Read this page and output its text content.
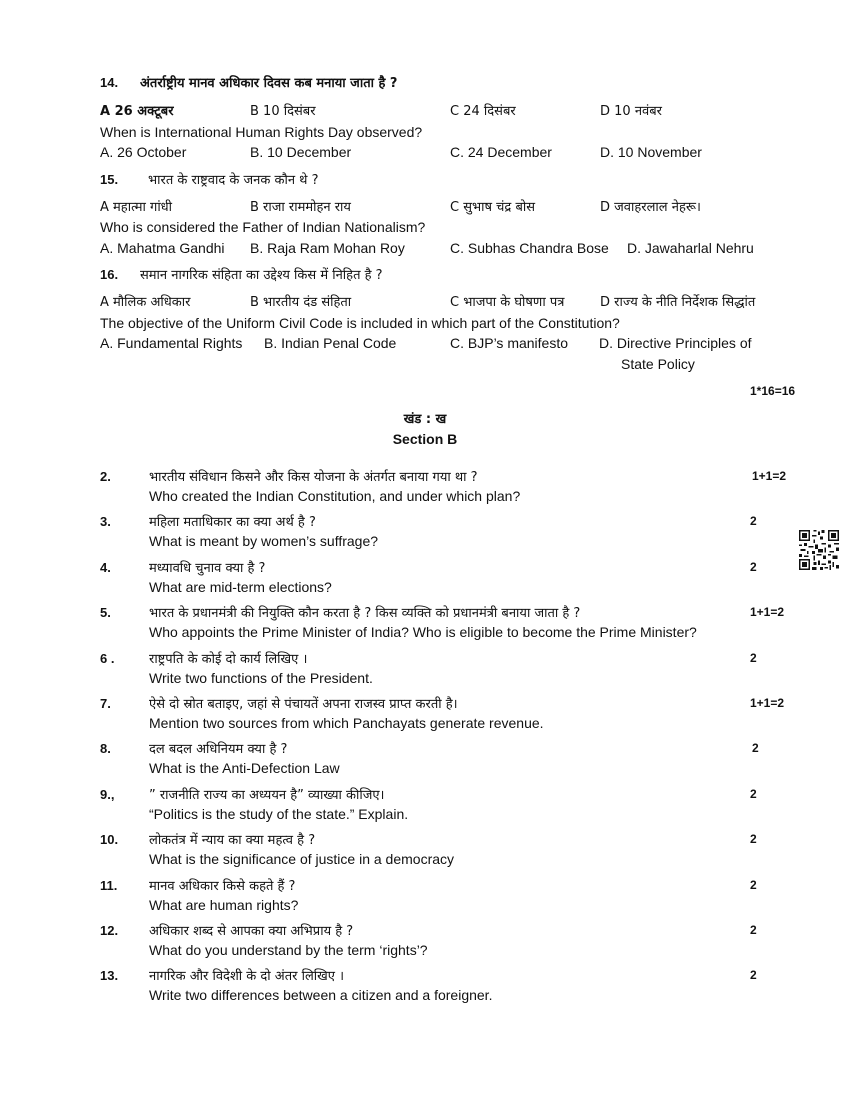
14. अंतर्राष्ट्रीय मानव अधिकार दिवस कब मनाया जाता है ?
A 26 अक्टूबर	B 10 दिसंबर	C 24 दिसंबर	D 10 नवंबर
When is International Human Rights Day observed?
A. 26 October	B. 10 December	C. 24 December	D. 10 November
15. भारत के राष्ट्रवाद के जनक कौन थे ?
A महात्मा गांधी	B राजा राममोहन राय	C सुभाष चंद्र बोस	D जवाहरलाल नेहरू।
Who is considered the Father of Indian Nationalism?
A. Mahatma Gandhi B. Raja Ram Mohan Roy	C. Subhas Chandra Bose D. Jawaharlal Nehru
16. समान नागरिक संहिता का उद्देश्य किस में निहित है ?
A मौलिक अधिकार	B भारतीय दंड संहिता	C भाजपा के घोषणा पत्र	D राज्य के नीति निर्देशक सिद्धांत
The objective of the Uniform Civil Code is included in which part of the Constitution?
A. Fundamental Rights B. Indian Penal Code	C. BJP’s manifesto D. Directive Principles of
State Policy
1*16=16
खंड : ख
Section B
2.	भारतीय संविधान किसने और किस योजना के अंतर्गत बनाया गया था ?
Who created the Indian Constitution, and under which plan?
1+1=2
3.	महिला मताधिकार का क्या अर्थ है ?
What is meant by women’s suffrage?
2
4.	मध्यावधि चुनाव क्या है ?
What are mid-term elections?
2
5.	भारत के प्रधानमंत्री की नियुक्ति कौन करता है ? किस व्यक्ति को प्रधानमंत्री बनाया जाता है ?
Who appoints the Prime Minister of India? Who is eligible to become the Prime Minister?
1+1=2
6 .	राष्ट्रपति के कोई दो कार्य लिखिए ।
Write two functions of the President.
2
7.	ऐसे दो स्रोत बताइए, जहां से पंचायतें अपना राजस्व प्राप्त करती है।
Mention two sources from which Panchayats generate revenue.
1+1=2
8.	दल बदल अधिनियम क्या है ?
What is the Anti-Defection Law
2
9.,	” राजनीति राज्य का अध्ययन है” व्याख्या कीजिए।
“Politics is the study of the state.” Explain.
2
10. लोकतंत्र में न्याय का क्या महत्व है ?
What is the significance of justice in a democracy
2
11. मानव अधिकार किसे कहते हैं ?
What are human rights?
2
12. अधिकार शब्द से आपका क्या अभिप्राय है ?
What do you understand by the term ‘rights’?
2
13. नागरिक और विदेशी के दो अंतर लिखिए ।
Write two differences between a citizen and a foreigner.
2
